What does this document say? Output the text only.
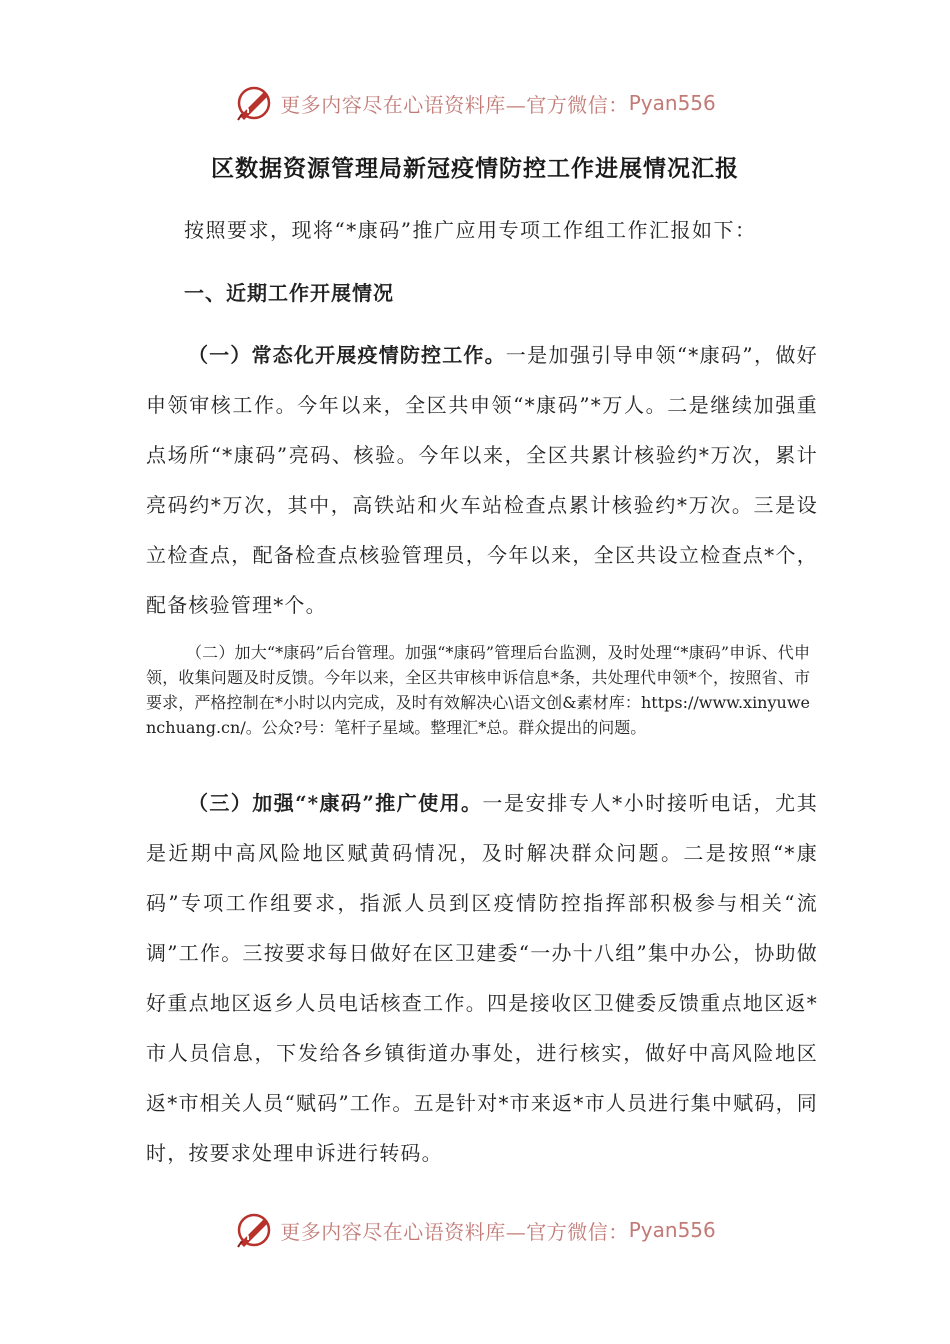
更多内容尽在心语资料库—官方微信： Pyan556
区数据资源管理局新冠疫情防控工作进展情况汇报

按照要求，现将“*康码”推广应用专项工作组工作汇报如下：

一、近期工作开展情况

（一）常态化开展疫情防控工作。一是加强引导申领“*康码”，做好申领审核工作。今年以来，全区共申领“*康码”*万人。二是继续加强重点场所“*康码”亮码、核验。今年以来，全区共累计核验约*万次，累计亮码约*万次，其中，高铁站和火车站检查点累计核验约*万次。三是设立检查点，配备检查点核验管理员，今年以来，全区共设立检查点*个，配备核验管理*个。

（二）加大“*康码”后台管理。加强“*康码”管理后台监测，及时处理“*康码”申诉、代申领，收集问题及时反馈。今年以来，全区共审核申诉信息*条，共处理代申领*个，按照省、市要求，严格控制在*小时以内完成，及时有效解决心\语文创&素材库：https://www.xinyuwenchuang.cn/。公众?号：笔杆子星域。整理汇*总。群众提出的问题。

（三）加强“*康码”推广使用。一是安排专人*小时接听电话，尤其是近期中高风险地区赋黄码情况，及时解决群众问题。二是按照“*康码”专项工作组要求，指派人员到区疫情防控指挥部积极参与相关“流调”工作。三按要求每日做好在区卫建委“一办十八组”集中办公，协助做好重点地区返乡人员电话核查工作。四是接收区卫健委反馈重点地区返*市人员信息，下发给各乡镇街道办事处，进行核实，做好中高风险地区返*市相关人员“赋码”工作。五是针对*市来返*市人员进行集中赋码，同时，按要求处理申诉进行转码。

更多内容尽在心语资料库—官方微信： Pyan556
